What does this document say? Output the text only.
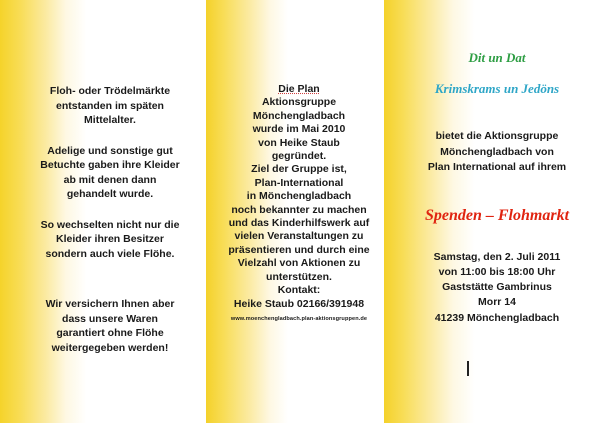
Floh- oder Trödelmärkte
entstanden im späten
Mittelalter.

Adelige und sonstige gut
Betuchte gaben ihre Kleider
ab mit denen dann
gehandelt wurde.

So wechselten nicht nur die
Kleider ihren Besitzer
sondern auch viele Flöhe.

Wir versichern Ihnen aber
dass unsere Waren
garantiert ohne Flöhe
weitergegeben werden!

Die Plan
Aktionsgruppe
Mönchengladbach
wurde im Mai 2010
von Heike Staub
gegründet.
Ziel der Gruppe ist,
Plan-International
in Mönchengladbach
noch bekannter zu machen
und das Kinderhilfswerk auf
vielen Veranstaltungen zu
präsentieren und durch eine
Vielzahl von Aktionen zu
unterstützen.
Kontakt:
Heike Staub 02166/391948
www.moenchengladbach.plan-aktionsgruppen.de
Dit un Dat
Krimskrams un Jedöns
bietet die Aktionsgruppe
Mönchengladbach von
Plan International auf ihrem
Spenden – Flohmarkt
Samstag, den 2. Juli 2011
von 11:00 bis 18:00 Uhr
Gaststätte Gambrinus
Morr 14
41239 Mönchengladbach
